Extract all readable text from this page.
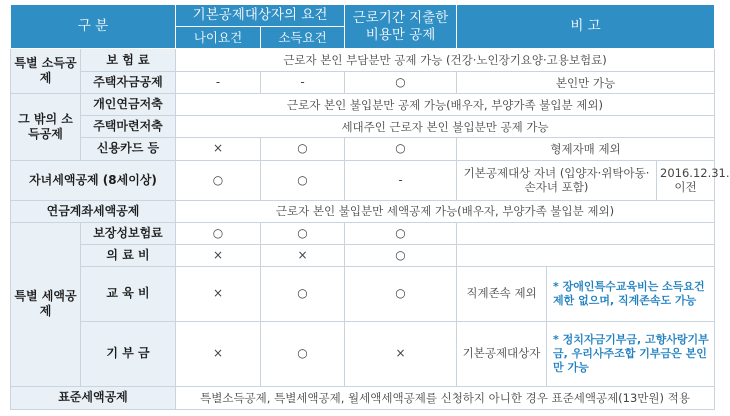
구 분		기본공제대상자의 요건		근로기간 지출한 비용만 공제	비 고		
		나이요건	소득요건				
특별 소득공제	보 험 료	근로자 본인 부담분만 공제 가능 (건강·노인장기요양·고용보험료)					
	주택자금공제	-	-	○	본인만 가능		
그 밖의 소득공제	개인연금저축	근로자 본인 불입분만 공제 가능(배우자, 부양가족 불입분 제외)					
	주택마련저축	세대주인 근로자 본인 불입분만 공제 가능					
	신용카드 등	×	○	○	형제자매 제외		
자녀세액공제 (8세이상)		○	○	-	기본공제대상 자녀 (입양자·위탁아동·손자녀 포함)		2016.12.31. 이전
연금계좌세액공제		근로자 본인 불입분만 세액공제 가능(배우자, 부양가족 불입분 제외)					
특별 세액공제	보장성보험료	○	○	○			
	의 료 비	×	×	○			
	교 육 비	×	○	○	직계존속 제외	* 장애인특수교육비는 소득요건 제한 없으며, 직계존속도 가능	
	기 부 금	×	○	×	기본공제대상자	* 정치자금기부금, 고향사랑기부금, 우리사주조합 기부금은 본인만 가능	
표준세액공제		특별소득공제, 특별세액공제, 월세액세액공제를 신청하지 아니한 경우 표준세액공제(13만원) 적용					
